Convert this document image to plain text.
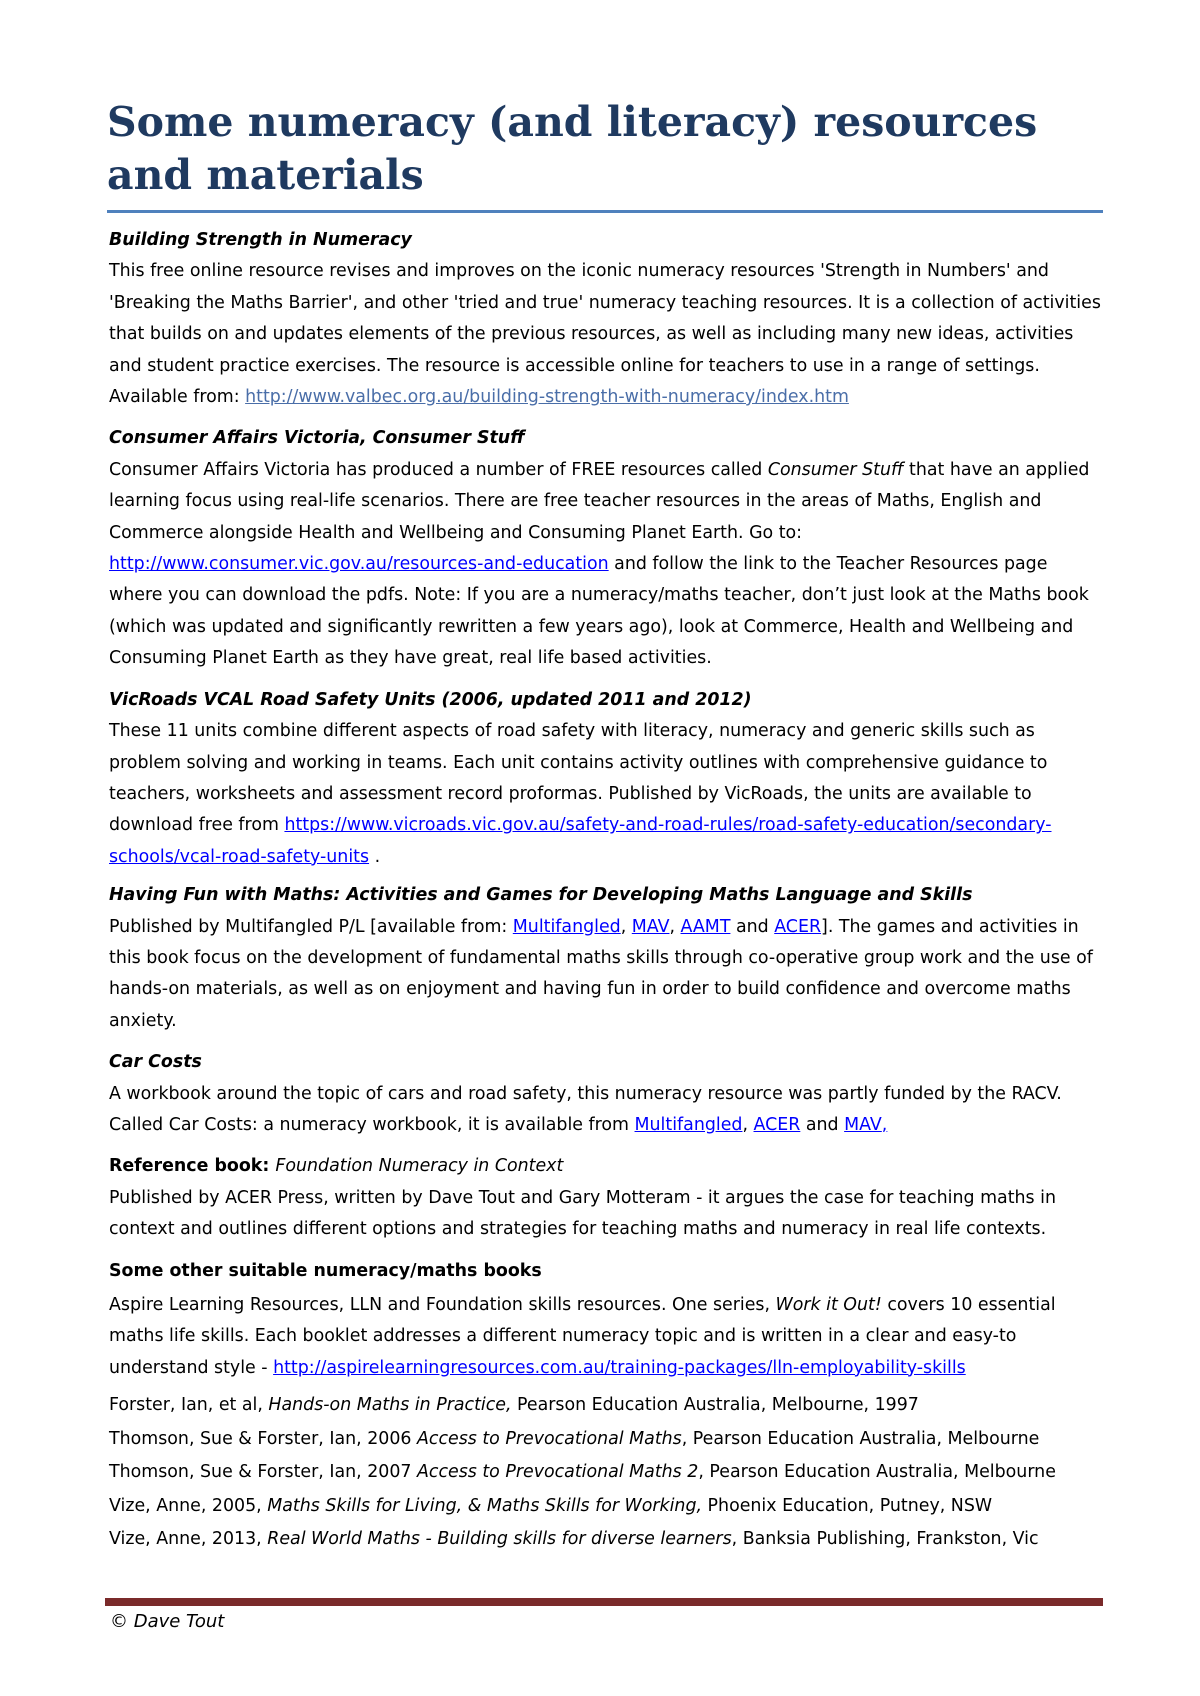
Some numeracy (and literacy) resources and materials

Building Strength in Numeracy

This free online resource revises and improves on the iconic numeracy resources 'Strength in Numbers' and 'Breaking the Maths Barrier', and other 'tried and true' numeracy teaching resources. It is a collection of activities that builds on and updates elements of the previous resources, as well as including many new ideas, activities and student practice exercises. The resource is accessible online for teachers to use in a range of settings. Available from: http://www.valbec.org.au/building-strength-with-numeracy/index.htm

Consumer Affairs Victoria, Consumer Stuff

Consumer Affairs Victoria has produced a number of FREE resources called Consumer Stuff that have an applied learning focus using real-life scenarios. There are free teacher resources in the areas of Maths, English and Commerce alongside Health and Wellbeing and Consuming Planet Earth. Go to: http://www.consumer.vic.gov.au/resources-and-education and follow the link to the Teacher Resources page where you can download the pdfs. Note: If you are a numeracy/maths teacher, don’t just look at the Maths book (which was updated and significantly rewritten a few years ago), look at Commerce, Health and Wellbeing and Consuming Planet Earth as they have great, real life based activities.

VicRoads VCAL Road Safety Units (2006, updated 2011 and 2012)

These 11 units combine different aspects of road safety with literacy, numeracy and generic skills such as problem solving and working in teams. Each unit contains activity outlines with comprehensive guidance to teachers, worksheets and assessment record proformas. Published by VicRoads, the units are available to download free from https://www.vicroads.vic.gov.au/safety-and-road-rules/road-safety-education/secondary-schools/vcal-road-safety-units .

Having Fun with Maths: Activities and Games for Developing Maths Language and Skills

Published by Multifangled P/L [available from: Multifangled, MAV, AAMT and ACER]. The games and activities in this book focus on the development of fundamental maths skills through co-operative group work and the use of hands-on materials, as well as on enjoyment and having fun in order to build confidence and overcome maths anxiety.

Car Costs

A workbook around the topic of cars and road safety, this numeracy resource was partly funded by the RACV. Called Car Costs: a numeracy workbook, it is available from Multifangled, ACER and MAV,

Reference book: Foundation Numeracy in Context

Published by ACER Press, written by Dave Tout and Gary Motteram - it argues the case for teaching maths in context and outlines different options and strategies for teaching maths and numeracy in real life contexts.

Some other suitable numeracy/maths books

Aspire Learning Resources, LLN and Foundation skills resources. One series, Work it Out! covers 10 essential maths life skills. Each booklet addresses a different numeracy topic and is written in a clear and easy-to understand style - http://aspirelearningresources.com.au/training-packages/lln-employability-skills

Forster, Ian, et al, Hands-on Maths in Practice, Pearson Education Australia, Melbourne, 1997

Thomson, Sue & Forster, Ian, 2006 Access to Prevocational Maths, Pearson Education Australia, Melbourne

Thomson, Sue & Forster, Ian, 2007 Access to Prevocational Maths 2, Pearson Education Australia, Melbourne

Vize, Anne, 2005, Maths Skills for Living, & Maths Skills for Working, Phoenix Education, Putney, NSW

Vize, Anne, 2013, Real World Maths - Building skills for diverse learners, Banksia Publishing, Frankston, Vic

© Dave Tout
